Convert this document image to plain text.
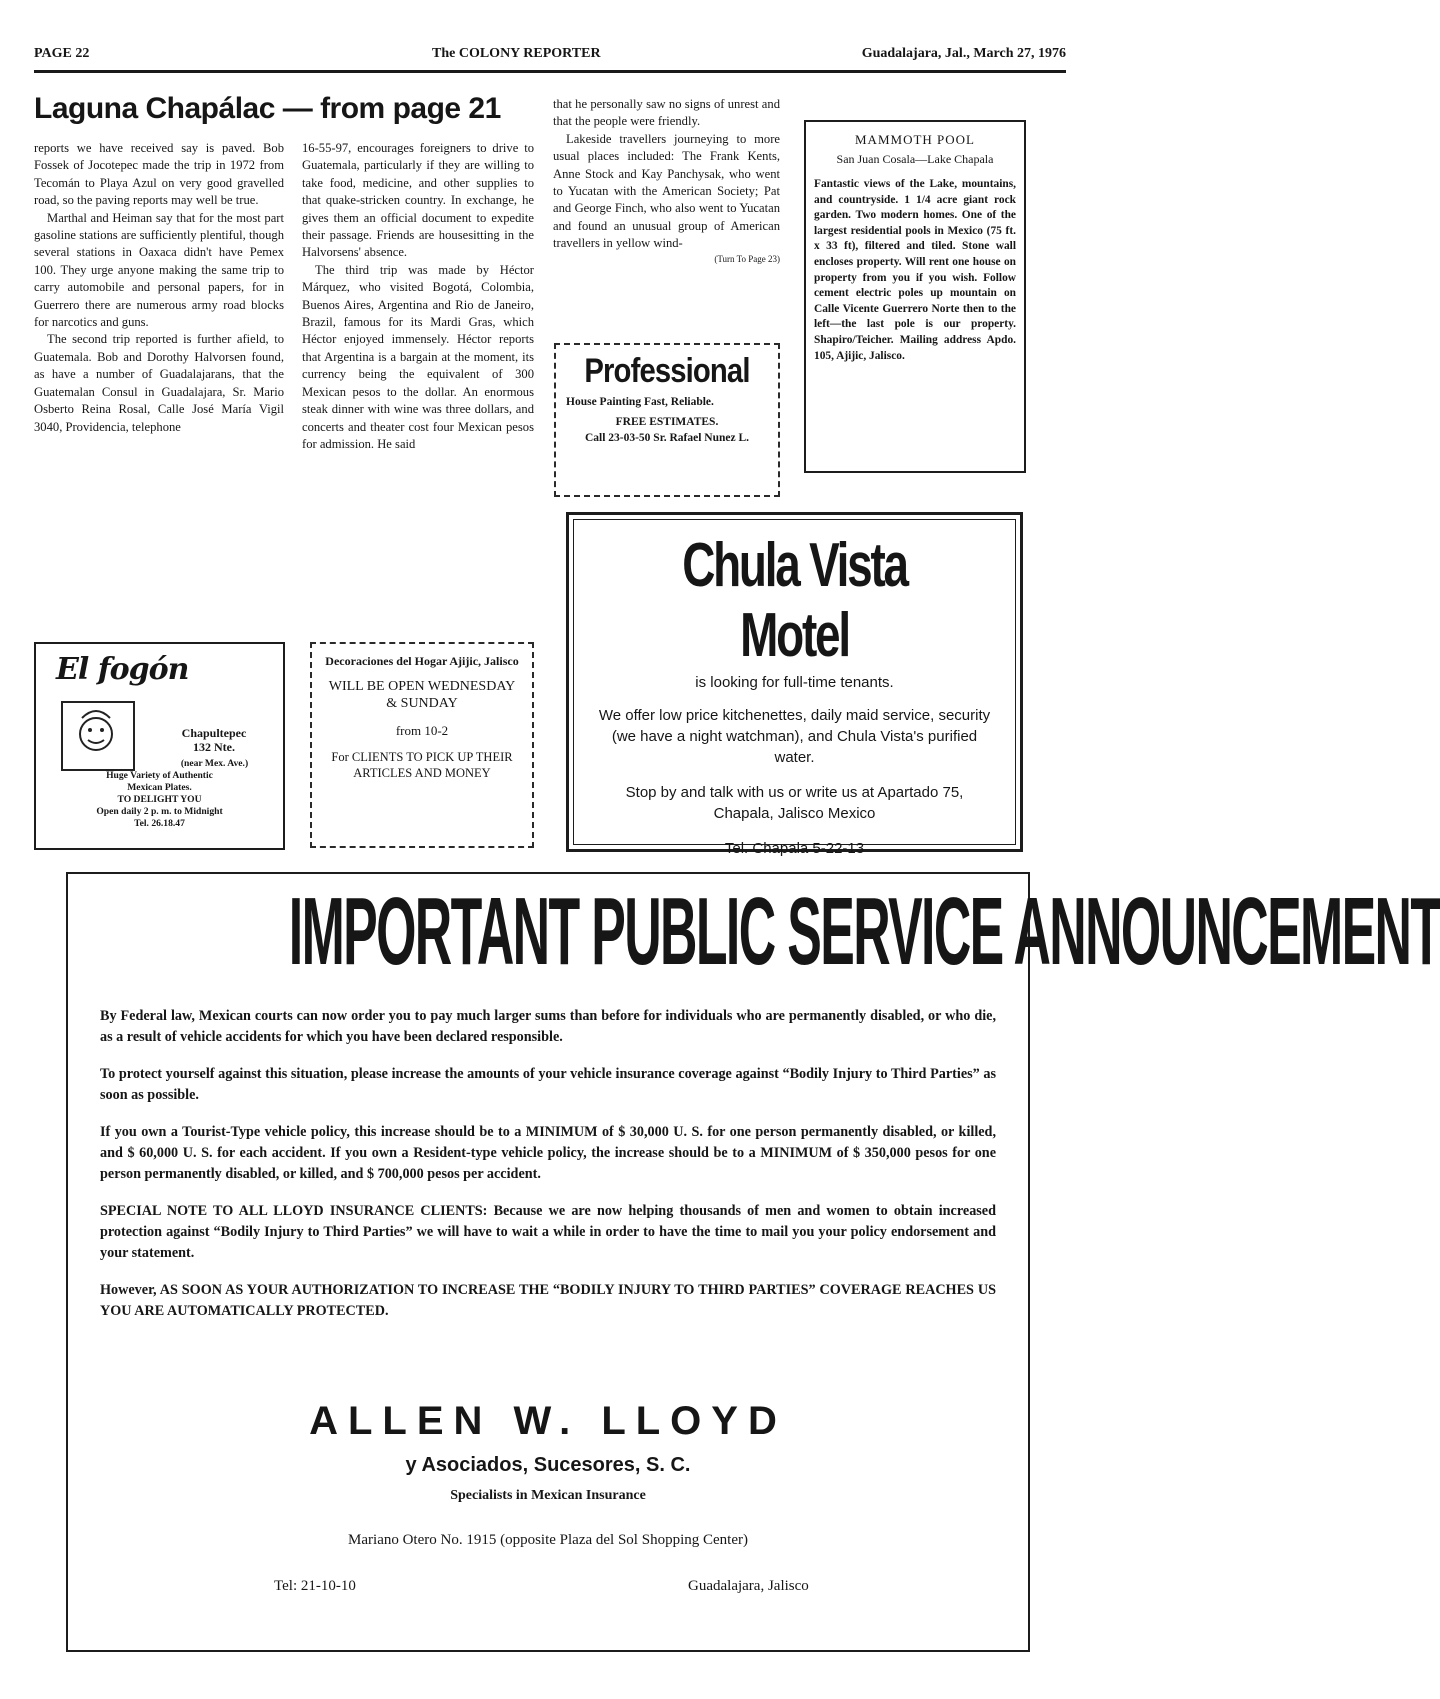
PAGE 22	The COLONY REPORTER	Guadalajara, Jal., March 27, 1976
Laguna Chapálac — from page 21

reports we have received say is paved. Bob Fossek of Jocotepec made the trip in 1972 from Tecomán to Playa Azul on very good gravelled road, so the paving reports may well be true.

Marthal and Heiman say that for the most part gasoline stations are sufficiently plentiful, though several stations in Oaxaca didn't have Pemex 100. They urge anyone making the same trip to carry automobile and personal papers, for in Guerrero there are numerous army road blocks for narcotics and guns.

The second trip reported is further afield, to Guatemala. Bob and Dorothy Halvorsen found, as have a number of Guadalajarans, that the Guatemalan Consul in Guadalajara, Sr. Mario Osberto Reina Rosal, Calle José María Vigil 3040, Providencia, telephone

16-55-97, encourages foreigners to drive to Guatemala, particularly if they are willing to take food, medicine, and other supplies to that quake-stricken country. In exchange, he gives them an official document to expedite their passage. Friends are housesitting in the Halvorsens' absence.

The third trip was made by Héctor Márquez, who visited Bogotá, Colombia, Buenos Aires, Argentina and Rio de Janeiro, Brazil, famous for its Mardi Gras, which Héctor enjoyed immensely. Héctor reports that Argentina is a bargain at the moment, its currency being the equivalent of 300 Mexican pesos to the dollar. An enormous steak dinner with wine was three dollars, and concerts and theater cost four Mexican pesos for admission. He said

that he personally saw no signs of unrest and that the people were friendly.

Lakeside travellers journeying to more usual places included: The Frank Kents, Anne Stock and Kay Panchysak, who went to Yucatan with the American Society; Pat and George Finch, who also went to Yucatan and found an unusual group of American travellers in yellow wind-

(Turn To Page 23)
MAMMOTH POOL
San Juan Cosala—Lake Chapala
Fantastic views of the Lake, mountains, and countryside. 1 1/4 acre giant rock garden. Two modern homes. One of the largest residential pools in Mexico (75 ft. x 33 ft), filtered and tiled. Stone wall encloses property. Will rent one house on property from you if you wish. Follow cement electric poles up mountain on Calle Vicente Guerrero Norte then to the left—the last pole is our property. Shapiro/Teicher. Mailing address Apdo. 105, Ajijic, Jalisco.
Professional
House Painting Fast, Reliable.
FREE ESTIMATES.
Call 23-03-50 Sr. Rafael Nunez L.
El fogón
Chapultepec
132 Nte.
(near Mex. Ave.)
Huge Variety of Authentic
Mexican Plates.
TO DELIGHT YOU
Open daily 2 p. m. to Midnight
Tel. 26.18.47
Decoraciones del Hogar Ajijic, Jalisco
WILL BE OPEN WEDNESDAY & SUNDAY
from 10-2
For CLIENTS TO PICK UP THEIR ARTICLES AND MONEY
Chula Vista Motel
is looking for full-time tenants.
We offer low price kitchenettes, daily maid service, security (we have a night watchman), and Chula Vista's purified water.
Stop by and talk with us or write us at Apartado 75, Chapala, Jalisco Mexico
Tel. Chapala 5-22-13
IMPORTANT PUBLIC SERVICE ANNOUNCEMENT

By Federal law, Mexican courts can now order you to pay much larger sums than before for individuals who are permanently disabled, or who die, as a result of vehicle accidents for which you have been declared responsible.

To protect yourself against this situation, please increase the amounts of your vehicle insurance coverage against “Bodily Injury to Third Parties” as soon as possible.

If you own a Tourist-Type vehicle policy, this increase should be to a MINIMUM of $ 30,000 U. S. for one person permanently disabled, or killed, and $ 60,000 U. S. for each accident. If you own a Resident-type vehicle policy, the increase should be to a MINIMUM of $ 350,000 pesos for one person permanently disabled, or killed, and $ 700,000 pesos per accident.

SPECIAL NOTE TO ALL LLOYD INSURANCE CLIENTS: Because we are now helping thousands of men and women to obtain increased protection against “Bodily Injury to Third Parties” we will have to wait a while in order to have the time to mail you your policy endorsement and your statement.

However, AS SOON AS YOUR AUTHORIZATION TO INCREASE THE “BODILY INJURY TO THIRD PARTIES” COVERAGE REACHES US YOU ARE AUTOMATICALLY PROTECTED.

ALLEN W. LLOYD
y Asociados, Sucesores, S. C.
Specialists in Mexican Insurance
Mariano Otero No. 1915 (opposite Plaza del Sol Shopping Center)
Tel: 21-10-10	Guadalajara, Jalisco
